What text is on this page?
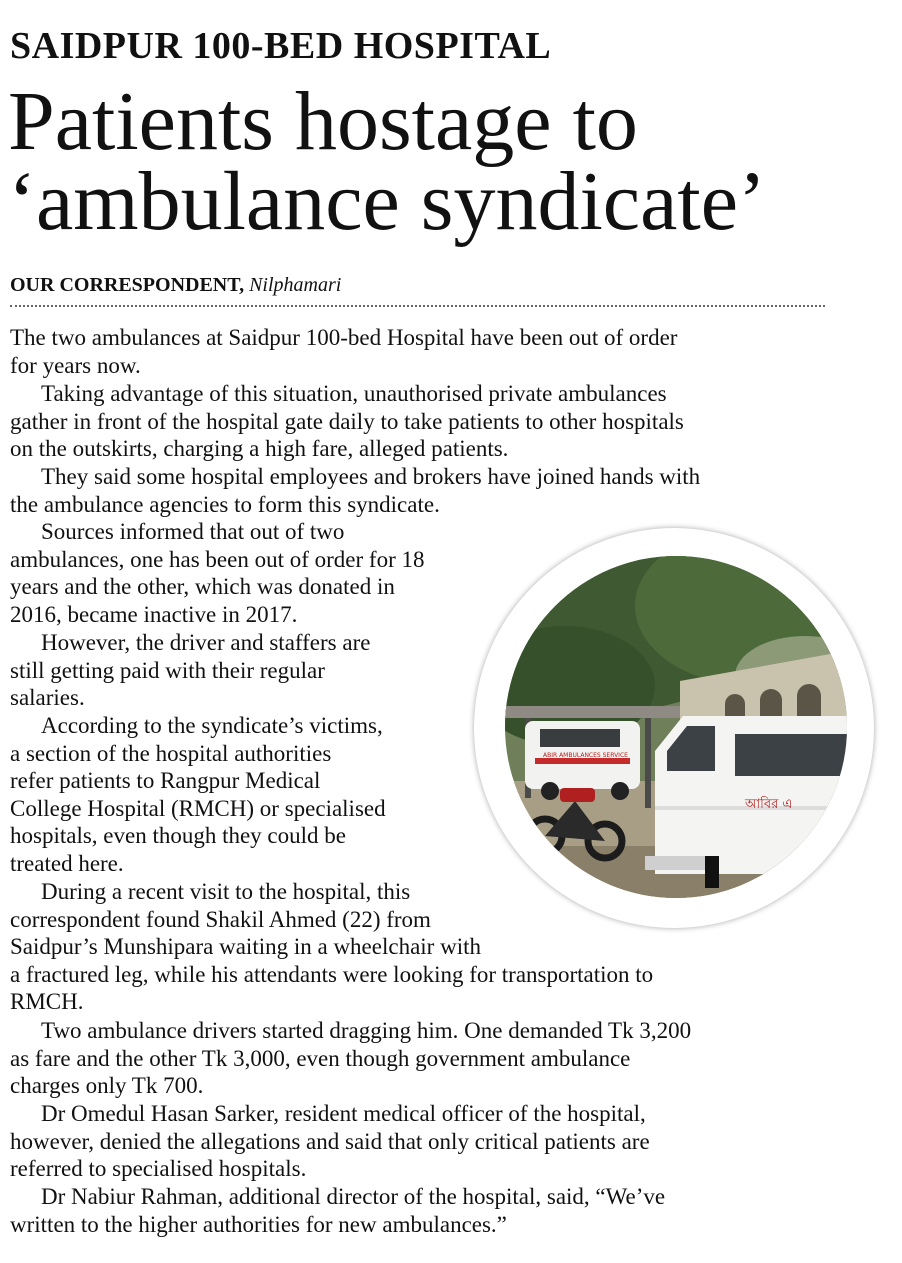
SAIDPUR 100-BED HOSPITAL
Patients hostage to
‘ambulance syndicate’
OUR CORRESPONDENT, Nilphamari
আবির এ
ABIR AMBULANCES SERVICE

The two ambulances at Saidpur 100-bed Hospital have been out of order
for years now.

Taking advantage of this situation, unauthorised private ambulances
gather in front of the hospital gate daily to take patients to other hospitals
on the outskirts, charging a high fare, alleged patients.

They said some hospital employees and brokers have joined hands with
the ambulance agencies to form this syndicate.

Sources informed that out of two
ambulances, one has been out of order for 18
years and the other, which was donated in
2016, became inactive in 2017.

However, the driver and staffers are
still getting paid with their regular
salaries.

According to the syndicate’s victims,
a section of the hospital authorities
refer patients to Rangpur Medical
College Hospital (RMCH) or specialised
hospitals, even though they could be
treated here.

During a recent visit to the hospital, this
correspondent found Shakil Ahmed (22) from
Saidpur’s Munshipara waiting in a wheelchair with
a fractured leg, while his attendants were looking for transportation to
RMCH.

Two ambulance drivers started dragging him. One demanded Tk 3,200
as fare and the other Tk 3,000, even though government ambulance
charges only Tk 700.

Dr Omedul Hasan Sarker, resident medical officer of the hospital,
however, denied the allegations and said that only critical patients are
referred to specialised hospitals.

Dr Nabiur Rahman, additional director of the hospital, said, “We’ve
written to the higher authorities for new ambulances.”
